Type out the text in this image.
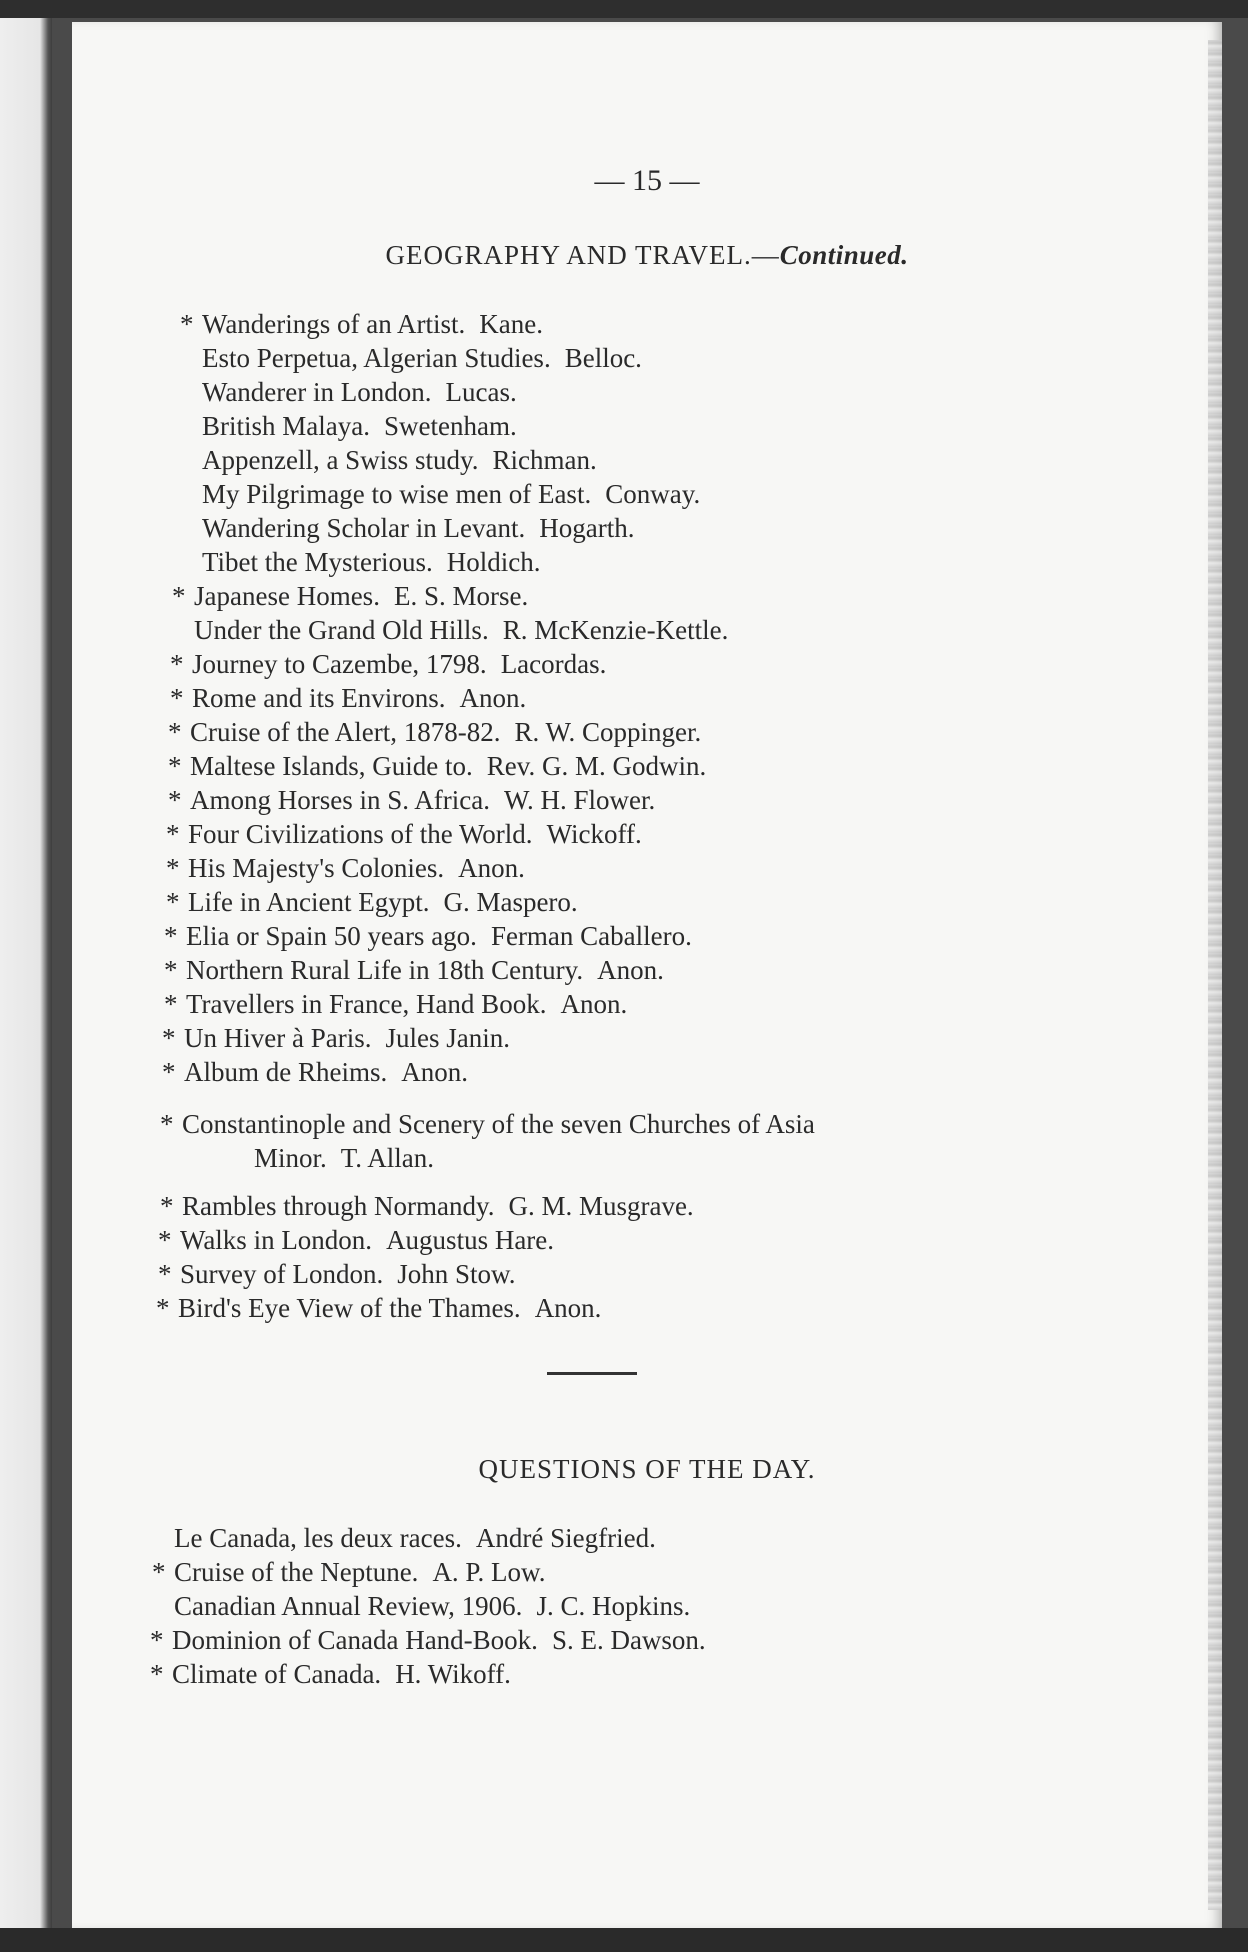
— 15 —
GEOGRAPHY AND TRAVEL.—Continued.
* Wanderings of an Artist. Kane.
Esto Perpetua, Algerian Studies. Belloc.
Wanderer in London. Lucas.
British Malaya. Swetenham.
Appenzell, a Swiss study. Richman.
My Pilgrimage to wise men of East. Conway.
Wandering Scholar in Levant. Hogarth.
Tibet the Mysterious. Holdich.
* Japanese Homes. E. S. Morse.
Under the Grand Old Hills. R. McKenzie-Kettle.
* Journey to Cazembe, 1798. Lacordas.
* Rome and its Environs. Anon.
* Cruise of the Alert, 1878-82. R. W. Coppinger.
* Maltese Islands, Guide to. Rev. G. M. Godwin.
* Among Horses in S. Africa. W. H. Flower.
* Four Civilizations of the World. Wickoff.
* His Majesty's Colonies. Anon.
* Life in Ancient Egypt. G. Maspero.
* Elia or Spain 50 years ago. Ferman Caballero.
* Northern Rural Life in 18th Century. Anon.
* Travellers in France, Hand Book. Anon.
* Un Hiver à Paris. Jules Janin.
* Album de Rheims. Anon.
* Constantinople and Scenery of the seven Churches of Asia
Minor. T. Allan.
* Rambles through Normandy. G. M. Musgrave.
* Walks in London. Augustus Hare.
* Survey of London. John Stow.
* Bird's Eye View of the Thames. Anon.
QUESTIONS OF THE DAY.
Le Canada, les deux races. André Siegfried.
* Cruise of the Neptune. A. P. Low.
Canadian Annual Review, 1906. J. C. Hopkins.
* Dominion of Canada Hand-Book. S. E. Dawson.
* Climate of Canada. H. Wikoff.
